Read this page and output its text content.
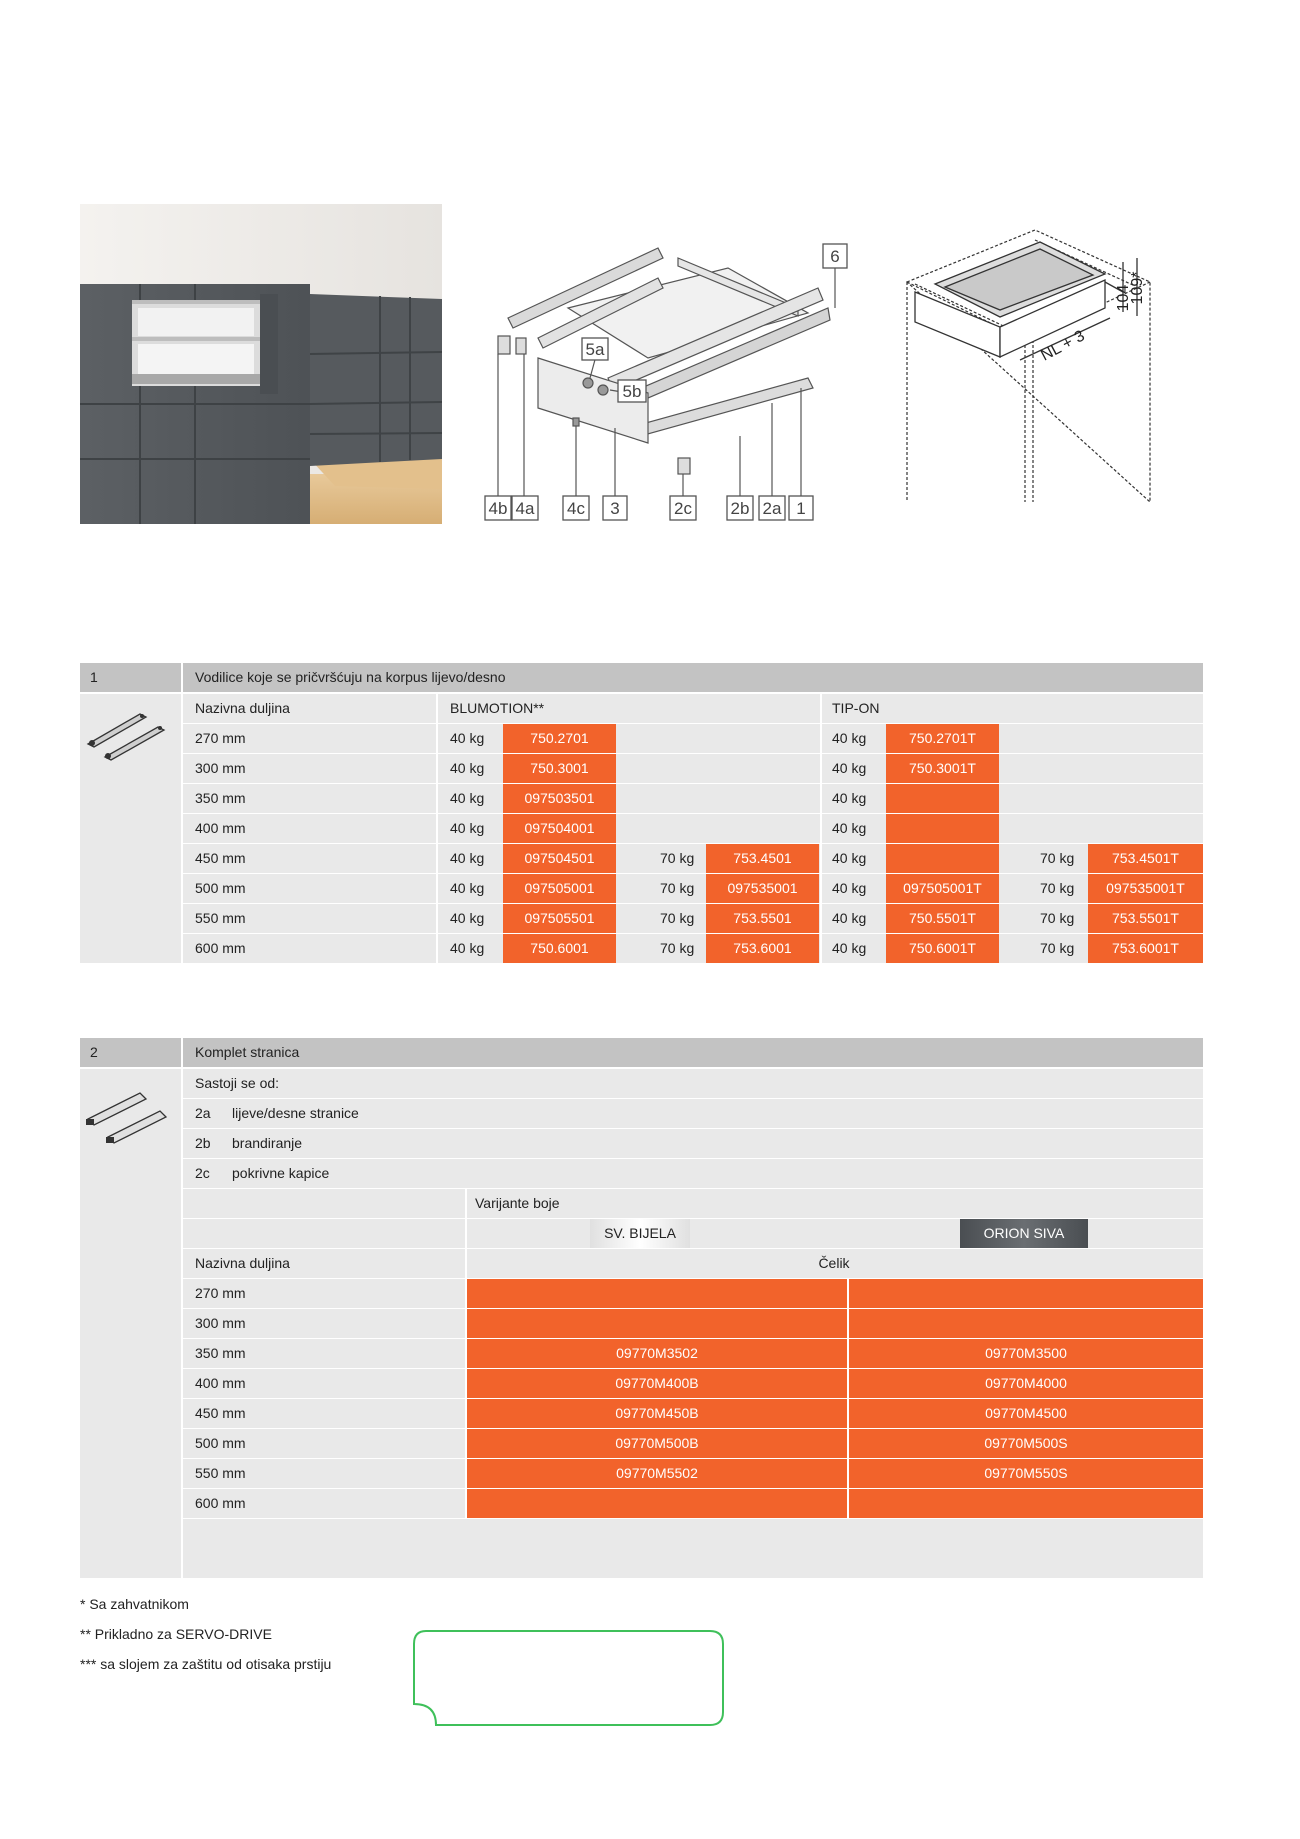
6
5a
5b
4b 4a 4c 3	2c 2b 2a 1
104
109*
NL + 3
1	Vodilice koje se pričvršćuju na korpus lijevo/desno
Nazivna duljina	BLUMOTION**	TIP-ON
270 mm	40 kg	750.2701	40 kg	750.2701T
300 mm	40 kg	750.3001	40 kg	750.3001T
350 mm	40 kg	097503501	40 kg
400 mm	40 kg	097504001	40 kg
450 mm	40 kg	097504501	70 kg	753.4501	40 kg	70 kg	753.4501T
500 mm	40 kg	097505001	70 kg	097535001	40 kg	097505001T	70 kg	097535001T
550 mm	40 kg	097505501	70 kg	753.5501	40 kg	750.5501T	70 kg	753.5501T
600 mm	40 kg	750.6001	70 kg	753.6001	40 kg	750.6001T	70 kg	753.6001T
2	Komplet stranica
Sastoji se od:
2a lijeve/desne stranice
2b brandiranje
2c pokrivne kapice
Varijante boje
SV. BIJELA	ORION SIVA
Nazivna duljina	Čelik
270 mm
300 mm
350 mm	09770M3502	09770M3500
400 mm	09770M400B	09770M4000
450 mm	09770M450B	09770M4500
500 mm	09770M500B	09770M500S
550 mm	09770M5502	09770M550S
600 mm
* Sa zahvatnikom
** Prikladno za SERVO-DRIVE
*** sa slojem za zaštitu od otisaka prstiju
